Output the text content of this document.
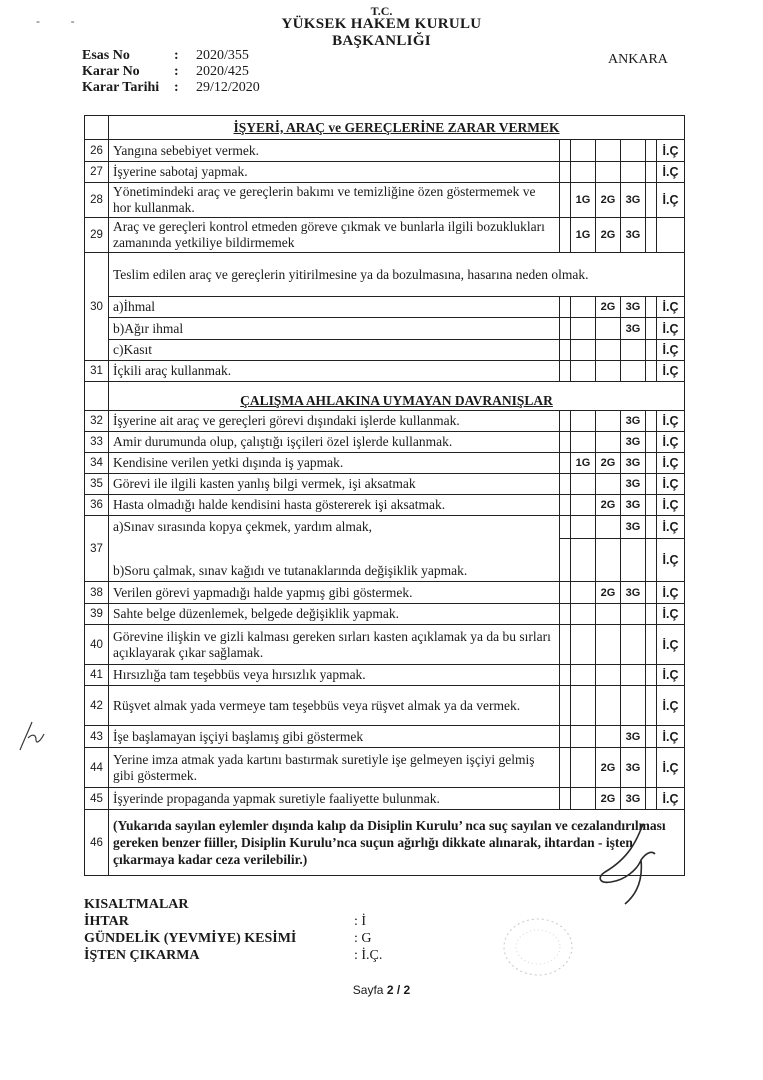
-  -
T.C.
YÜKSEK HAKEM KURULU
BAŞKANLIĞI
Esas No	:	2020/355
Karar No	:	2020/425
Karar Tarihi	:	29/12/2020
ANKARA
	İŞYERİ, ARAÇ ve GEREÇLERİNE ZARAR VERMEK						
26	Yangına sebebiyet vermek.						İ.Ç
27	İşyerine sabotaj yapmak.						İ.Ç
28	Yönetimindeki araç ve gereçlerin bakımı ve temizliğine özen göstermemek ve hor kullanmak.		1G	2G	3G		İ.Ç
29	Araç ve gereçleri kontrol etmeden göreve çıkmak ve bunlarla ilgili bozuklukları zamanında yetkiliye bildirmemek		1G	2G	3G		
30	Teslim edilen araç ve gereçlerin yitirilmesine ya da bozulmasına, hasarına neden olmak.						
	a)İhmal			2G	3G		İ.Ç
	b)Ağır ihmal				3G		İ.Ç
	c)Kasıt						İ.Ç
31	İçkili araç kullanmak.						İ.Ç
	ÇALIŞMA AHLAKINA UYMAYAN DAVRANIŞLAR						
32	İşyerine ait araç ve gereçleri görevi dışındaki işlerde kullanmak.				3G		İ.Ç
33	Amir durumunda olup, çalıştığı işçileri özel işlerde kullanmak.				3G		İ.Ç
34	Kendisine verilen yetki dışında iş yapmak.		1G	2G	3G		İ.Ç
35	Görevi ile ilgili kasten yanlış bilgi vermek, işi aksatmak				3G		İ.Ç
36	Hasta olmadığı halde kendisini hasta göstererek işi aksatmak.			2G	3G		İ.Ç
37	a)Sınav sırasında kopya çekmek, yardım almak,				3G		İ.Ç
	b)Soru çalmak, sınav kağıdı ve tutanaklarında değişiklik yapmak.						İ.Ç
38	Verilen görevi yapmadığı halde yapmış gibi göstermek.			2G	3G		İ.Ç
39	Sahte belge düzenlemek, belgede değişiklik yapmak.						İ.Ç
40	Görevine ilişkin ve gizli kalması gereken sırları kasten açıklamak ya da bu sırları açıklayarak çıkar sağlamak.						İ.Ç
41	Hırsızlığa tam teşebbüs veya hırsızlık yapmak.						İ.Ç
42	Rüşvet almak yada vermeye tam teşebbüs veya rüşvet almak ya da vermek.						İ.Ç
43	İşe başlamayan işçiyi başlamış gibi göstermek				3G		İ.Ç
44	Yerine imza atmak yada kartını bastırmak suretiyle işe gelmeyen işçiyi gelmiş gibi göstermek.			2G	3G		İ.Ç
45	İşyerinde propaganda yapmak suretiyle faaliyette bulunmak.			2G	3G		İ.Ç
46	(Yukarıda sayılan eylemler dışında kalıp da Disiplin Kurulu’ nca suç sayılan ve cezalandırılması gereken benzer fiiller, Disiplin Kurulu’nca suçun ağırlığı dikkate alınarak, ihtardan - işten çıkarmaya kadar ceza verilebilir.)						
KISALTMALAR
İHTAR	: İ
GÜNDELİK (YEVMİYE) KESİMİ	: G
İŞTEN ÇIKARMA	: İ.Ç.
Sayfa 2 / 2
